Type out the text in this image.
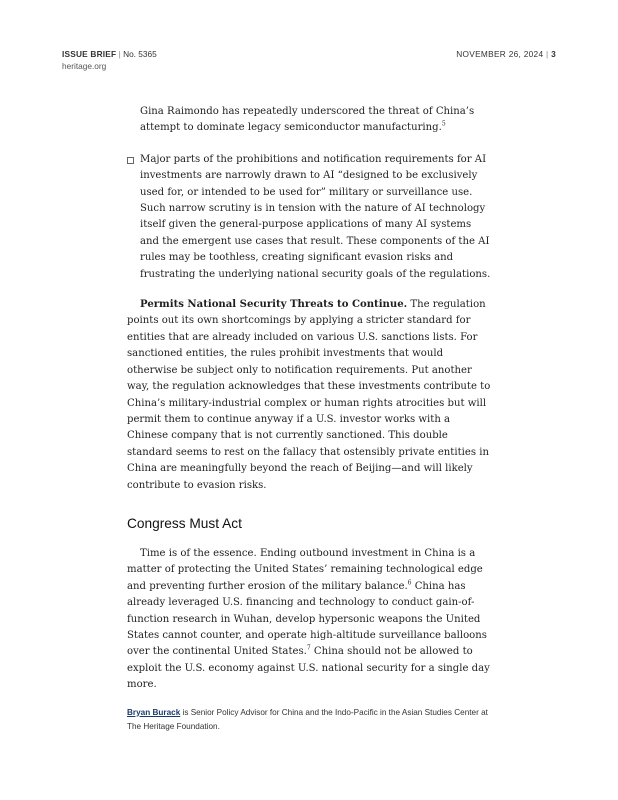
ISSUE BRIEF | No. 5365
heritage.org
NOVEMBER 26, 2024 | 3

Gina Raimondo has repeatedly underscored the threat of China’s attempt to dominate legacy semiconductor manufacturing.$^5$

Major parts of the prohibitions and notification requirements for AI investments are narrowly drawn to AI “designed to be exclusively used for, or intended to be used for” military or surveillance use. Such narrow scrutiny is in tension with the nature of AI technology itself given the general-purpose applications of many AI systems and the emergent use cases that result. These components of the AI rules may be toothless, creating significant evasion risks and frustrating the underlying national security goals of the regulations.

Permits National Security Threats to Continue. The regulation points out its own shortcomings by applying a stricter standard for entities that are already included on various U.S. sanctions lists. For sanctioned entities, the rules prohibit investments that would otherwise be subject only to notification requirements. Put another way, the regulation acknowledges that these investments contribute to China’s military-industrial complex or human rights atrocities but will permit them to continue anyway if a U.S. investor works with a Chinese company that is not currently sanctioned. This double standard seems to rest on the fallacy that ostensibly private entities in China are meaningfully beyond the reach of Beijing—and will likely contribute to evasion risks.

Congress Must Act

Time is of the essence. Ending outbound investment in China is a matter of protecting the United States’ remaining technological edge and preventing further erosion of the military balance.$^6$ China has already leveraged U.S. financing and technology to conduct gain-of-function research in Wuhan, develop hypersonic weapons the United States cannot counter, and operate high-altitude surveillance balloons over the continental United States.$^7$ China should not be allowed to exploit the U.S. economy against U.S. national security for a single day more.

Bryan Burack is Senior Policy Advisor for China and the Indo-Pacific in the Asian Studies Center at The Heritage Foundation.
